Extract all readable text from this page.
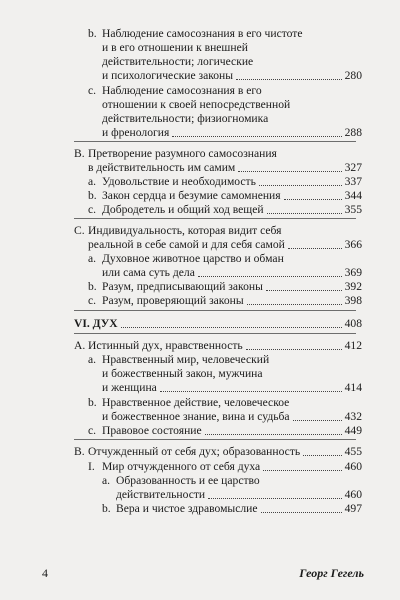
b. Наблюдение самосознания в его чистоте
и в его отношении к внешней
действительности; логические
и психологические законы	280
c. Наблюдение самосознания в его
отношении к своей непосредственной
действительности; физиогномика
и френология	288
B. Претворение разумного самосознания
в действительность им самим	327
a. Удовольствие и необходимость	337
b. Закон сердца и безумие самомнения	344
c. Добродетель и общий ход вещей	355
C. Индивидуальность, которая видит себя
реальной в себе самой и для себя самой	366
a. Духовное животное царство и обман
или сама суть дела	369
b. Разум, предписывающий законы	392
c. Разум, проверяющий законы	398
VI. ДУХ	408
A. Истинный дух, нравственность	412
a. Нравственный мир, человеческий
и божественный закон, мужчина
и женщина	414
b. Нравственное действие, человеческое
и божественное знание, вина и судьба	432
c. Правовое состояние	449
B. Отчужденный от себя дух; образованность	455
I. Мир отчужденного от себя духа	460
a. Образованность и ее царство
действительности	460
b. Вера и чистое здравомыслие	497
4	Георг Гегель
